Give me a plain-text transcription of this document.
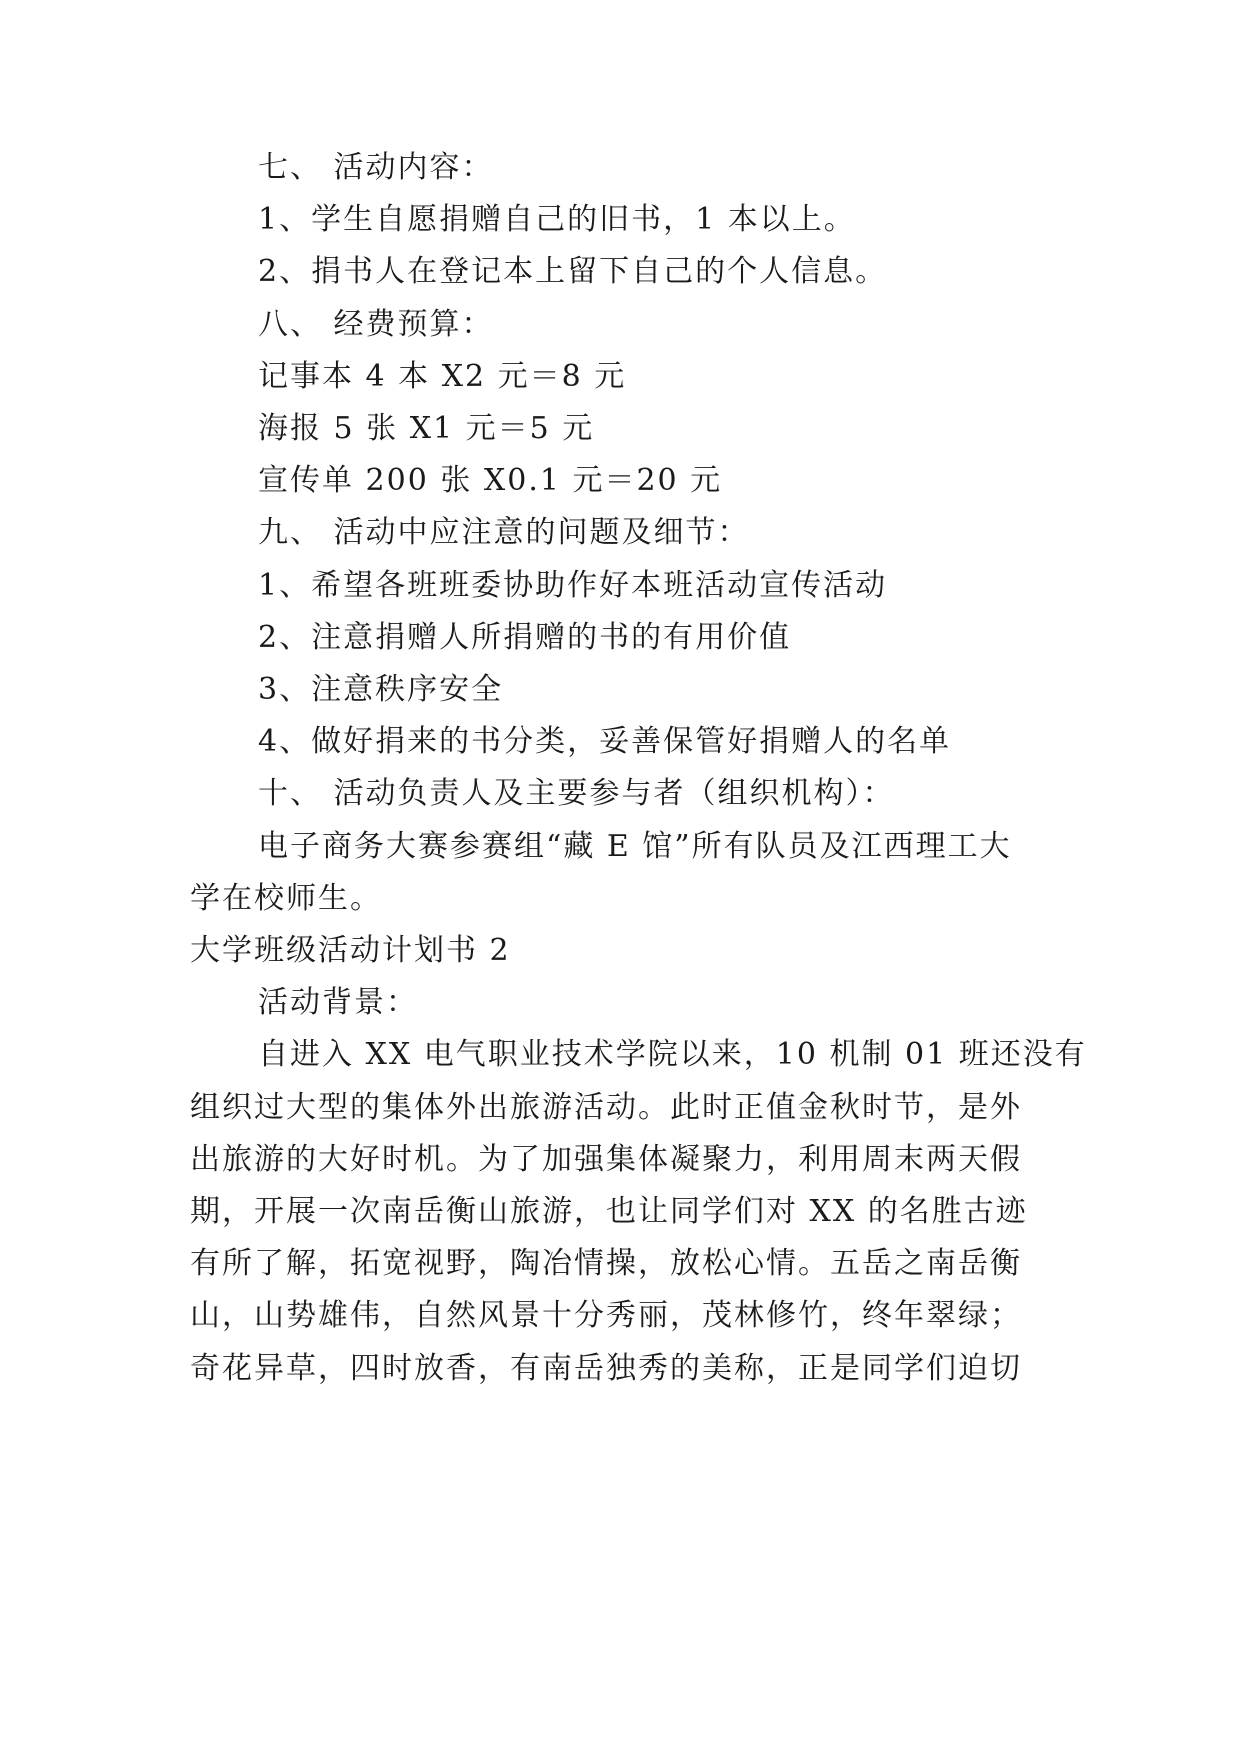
七、 活动内容：
1、学生自愿捐赠自己的旧书，1 本以上。
2、捐书人在登记本上留下自己的个人信息。
八、 经费预算：
记事本 4 本 X2 元＝8 元
海报 5 张 X1 元＝5 元
宣传单 200 张 X0.1 元＝20 元
九、 活动中应注意的问题及细节：
1、希望各班班委协助作好本班活动宣传活动
2、注意捐赠人所捐赠的书的有用价值
3、注意秩序安全
4、做好捐来的书分类，妥善保管好捐赠人的名单
十、 活动负责人及主要参与者（组织机构）：
电子商务大赛参赛组“藏 E 馆”所有队员及江西理工大
学在校师生。
大学班级活动计划书 2
活动背景：
自进入 XX 电气职业技术学院以来，10 机制 01 班还没有
组织过大型的集体外出旅游活动。此时正值金秋时节，是外
出旅游的大好时机。为了加强集体凝聚力，利用周末两天假
期，开展一次南岳衡山旅游，也让同学们对 XX 的名胜古迹
有所了解，拓宽视野，陶冶情操，放松心情。五岳之南岳衡
山，山势雄伟，自然风景十分秀丽，茂林修竹，终年翠绿；
奇花异草，四时放香，有南岳独秀的美称，正是同学们迫切
